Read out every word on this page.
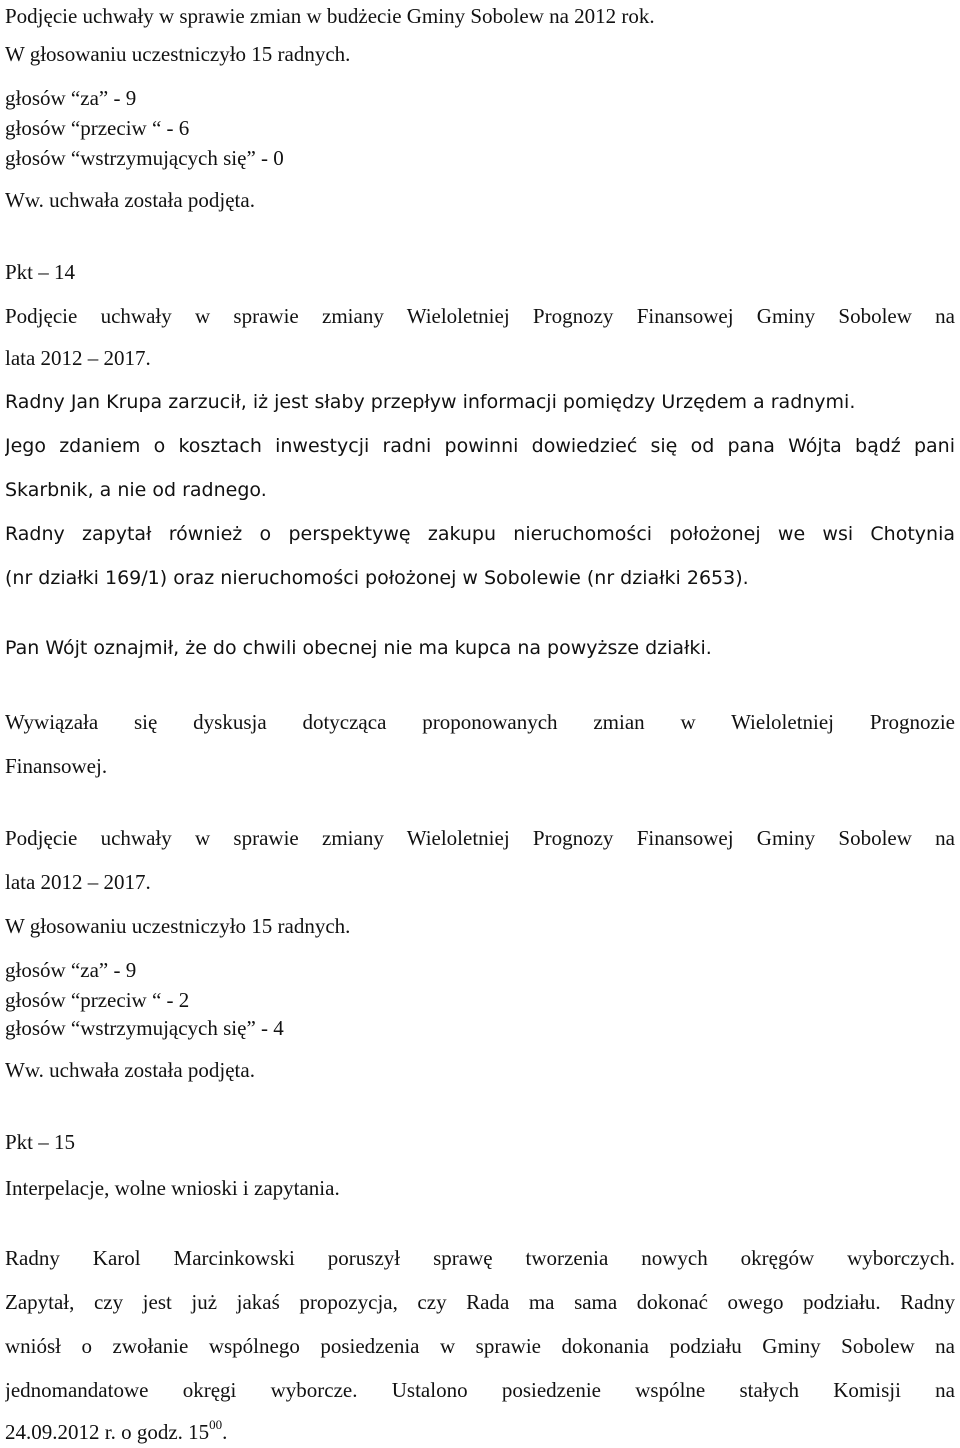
Podjęcie uchwały w sprawie zmian w budżecie Gminy Sobolew na 2012 rok.

W głosowaniu uczestniczyło 15 radnych.

głosów “za” - 9

głosów “przeciw “ - 6

głosów “wstrzymujących się” - 0

Ww. uchwała została podjęta.

Pkt – 14

Podjęcie uchwały w sprawie zmiany Wieloletniej Prognozy Finansowej Gminy Sobolew na

lata 2012 – 2017.

Radny Jan Krupa zarzucił, iż jest słaby przepływ informacji pomiędzy Urzędem a radnymi.

Jego zdaniem o kosztach inwestycji radni powinni dowiedzieć się od pana Wójta bądź pani

Skarbnik, a nie od radnego.

Radny zapytał również o perspektywę zakupu nieruchomości położonej we wsi Chotynia

(nr działki 169/1) oraz nieruchomości położonej w Sobolewie (nr działki 2653).

Pan Wójt oznajmił, że do chwili obecnej nie ma kupca na powyższe działki.

Wywiązała się dyskusja dotycząca proponowanych zmian w Wieloletniej Prognozie

Finansowej.

Podjęcie uchwały w sprawie zmiany Wieloletniej Prognozy Finansowej Gminy Sobolew na

lata 2012 – 2017.

W głosowaniu uczestniczyło 15 radnych.

głosów “za” - 9

głosów “przeciw “ - 2

głosów “wstrzymujących się” - 4

Ww. uchwała została podjęta.

Pkt – 15

Interpelacje, wolne wnioski i zapytania.

Radny Karol Marcinkowski poruszył sprawę tworzenia nowych okręgów wyborczych.

Zapytał, czy jest już jakaś propozycja, czy Rada ma sama dokonać owego podziału. Radny

wniósł o zwołanie wspólnego posiedzenia w sprawie dokonania podziału Gminy Sobolew na

jednomandatowe okręgi wyborcze. Ustalono posiedzenie wspólne stałych Komisji na

24.09.2012 r. o godz. $15^{00}$.
